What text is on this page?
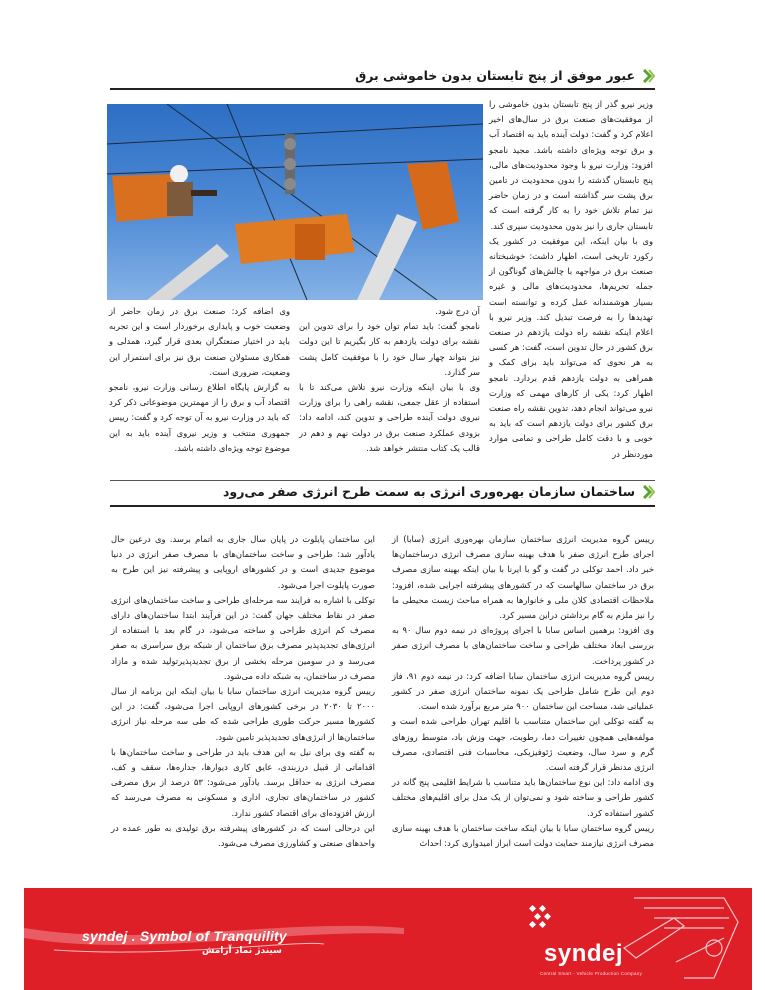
عبور موفق از پنج تابستان بدون خاموشی برق

وزیر نیرو گذر از پنج تابستان بدون خاموشی را از موفقیت‌های صنعت برق در سال‌های اخیر اعلام کرد و گفت: دولت آینده باید به اقتصاد آب و برق توجه ویژه‌ای داشته باشد. مجید نامجو افزود: وزارت نیرو با وجود محدودیت‌های مالی، پنج تابستان گذشته را بدون محدودیت در تامین برق پشت سر گذاشته است و در زمان حاضر نیز تمام تلاش خود را به کار گرفته است که تابستان جاری را نیز بدون محدودیت سپری کند.

وی با بیان اینکه، این موفقیت در کشور یک رکورد تاریخی است، اظهار داشت: خوشبختانه صنعت برق در مواجهه با چالش‌های گوناگون از جمله تحریم‌ها، محدودیت‌های مالی و غیره بسیار هوشمندانه عمل کرده و توانسته است تهدیدها را به فرصت تبدیل کند. وزیر نیرو با اعلام اینکه نقشه راه دولت یازدهم در صنعت برق کشور در حال تدوین است، گفت: هر کسی به هر نحوی که می‌تواند باید برای کمک و همراهی به دولت یازدهم قدم بردارد. نامجو اظهار کرد: یکی از کارهای مهمی که وزارت نیرو می‌تواند انجام دهد، تدوین نقشه راه صنعت برق کشور برای دولت یازدهم است که باید به خوبی و با دقت کامل طراحی و تمامی موارد موردنظر در

آن درج شود.

نامجو گفت: باید تمام توان خود را برای تدوین این نقشه برای دولت یازدهم به کار بگیریم تا این دولت نیز بتواند چهار سال خود را با موفقیت کامل پشت سر گذارد.

وی با بیان اینکه وزارت نیرو تلاش می‌کند تا با استفاده از عقل جمعی، نقشه راهی را برای وزارت نیروی دولت آینده طراحی و تدوین کند، ادامه داد: بزودی عملکرد صنعت برق در دولت نهم و دهم در قالب یک کتاب منتشر خواهد شد.

وی اضافه کرد: صنعت برق در زمان حاضر از وضعیت خوب و پایداری برخوردار است و این تجربه باید در اختیار صنعتگران بعدی قرار گیرد، همدلی و همکاری مسئولان صنعت برق نیز برای استمرار این وضعیت، ضروری است.

به گزارش پایگاه اطلاع رسانی وزارت نیرو، نامجو اقتصاد آب و برق را از مهمترین موضوعاتی ذکر کرد که باید در وزارت نیرو به آن توجه کرد و گفت: رییس جمهوری منتخب و وزیر نیروی آینده باید به این موضوع توجه ویژه‌ای داشته باشد.

ساختمان سازمان بهره‌وری انرژی به سمت طرح انرژی صفر می‌رود

رییس گروه مدیریت انرژی ساختمان سازمان بهره‌وری انرژی (سابا) از اجرای طرح انرژی صفر با هدف بهینه سازی مصرف انرژی درساختمان‌ها خبر داد. احمد توکلی در گفت و گو با ایرنا با بیان اینکه بهینه سازی مصرف برق در ساختمان سالهاست که در کشورهای پیشرفته اجرایی شده، افزود: ملاحظات اقتصادی کلان ملی و خانوارها به همراه مباحث زیست محیطی ما را نیز ملزم به گام برداشتن دراین مسیر کرد.

وی افزود: برهمین اساس سابا با اجرای پروژه‌ای در نیمه دوم سال ۹۰ به بررسی ابعاد مختلف طراحی و ساخت ساختمان‌های با مصرف انرژی صفر در کشور پرداخت.

رییس گروه مدیریت انرژی ساختمان سابا اضافه کرد: در نیمه دوم ۹۱، فاز دوم این طرح شامل طراحی یک نمونه ساختمان انرژی صفر در کشور عملیاتی شد، مساحت این ساختمان ۹۰۰ متر مربع برآورد شده است.

به گفته توکلی این ساختمان متناسب با اقلیم تهران طراحی شده است و مولفه‌هایی همچون تغییرات دما، رطوبت، جهت وزش باد، متوسط روزهای گرم و سرد سال، وضعیت ژئوفیزیکی، محاسبات فنی اقتصادی، مصرف انرژی مدنظر قرار گرفته است.

وی ادامه داد: این نوع ساختمان‌ها باید متناسب با شرایط اقلیمی پنج گانه در کشور طراحی و ساخته شود و نمی‌توان از یک مدل برای اقلیم‌های مختلف کشور استفاده کرد.

رییس گروه ساختمان سابا با بیان اینکه ساخت ساختمان با هدف بهینه سازی مصرف انرژی نیازمند حمایت دولت است ابراز امیدواری کرد: احداث

این ساختمان پایلوت در پایان سال جاری به اتمام برسد. وی درعین حال یادآور شد: طراحی و ساخت ساختمان‌های با مصرف صفر انرژی در دنیا موضوع جدیدی است و در کشورهای اروپایی و پیشرفته نیز این طرح به صورت پایلوت اجرا می‌شود.

توکلی با اشاره به فرایند سه مرحله‌ای طراحی و ساخت ساختمان‌های انرژی صفر در نقاط مختلف جهان گفت: در این فرآیند ابتدا ساختمان‌های دارای مصرف کم انرژی طراحی و ساخته می‌شود، در گام بعد با استفاده از انرژی‌های تجدیدپذیر مصرف برق ساختمان از شبکه برق سراسری به صفر می‌رسد و در سومین مرحله بخشی از برق تجدیدپذیرتولید شده و مازاد مصرف در ساختمان، به شبکه داده می‌شود.

رییس گروه مدیریت انرژی ساختمان سابا با بیان اینکه این برنامه از سال ۲۰۰۰ تا ۲۰۳۰ در برخی کشورهای اروپایی اجرا می‌شود، گفت: در این کشورها مسیر حرکت طوری طراحی شده که طی سه مرحله نیاز انرژی ساختمان‌ها از انرژی‌های تجدیدپذیر تامین شود.

به گفته وی برای نیل به این هدف باید در طراحی و ساخت ساختمان‌ها با اقداماتی از قبیل درزبندی، عایق کاری دیوارها، جداره‌ها، سقف و کف، مصرف انرژی به حداقل برسد. یادآور می‌شود: ۵۳ درصد از برق مصرفی کشور در ساختمان‌های تجاری، اداری و مسکونی به مصرف می‌رسد که ارزش افزوده‌ای برای اقتصاد کشور ندارد.

این درحالی است که در کشورهای پیشرفته برق تولیدی به طور عمده در واحدهای صنعتی و کشاورزی مصرف می‌شود.

syndej . Symbol of Tranquility
سیندژ نماد آرامش	syndej
Central Smart - Vehicle Production Company
